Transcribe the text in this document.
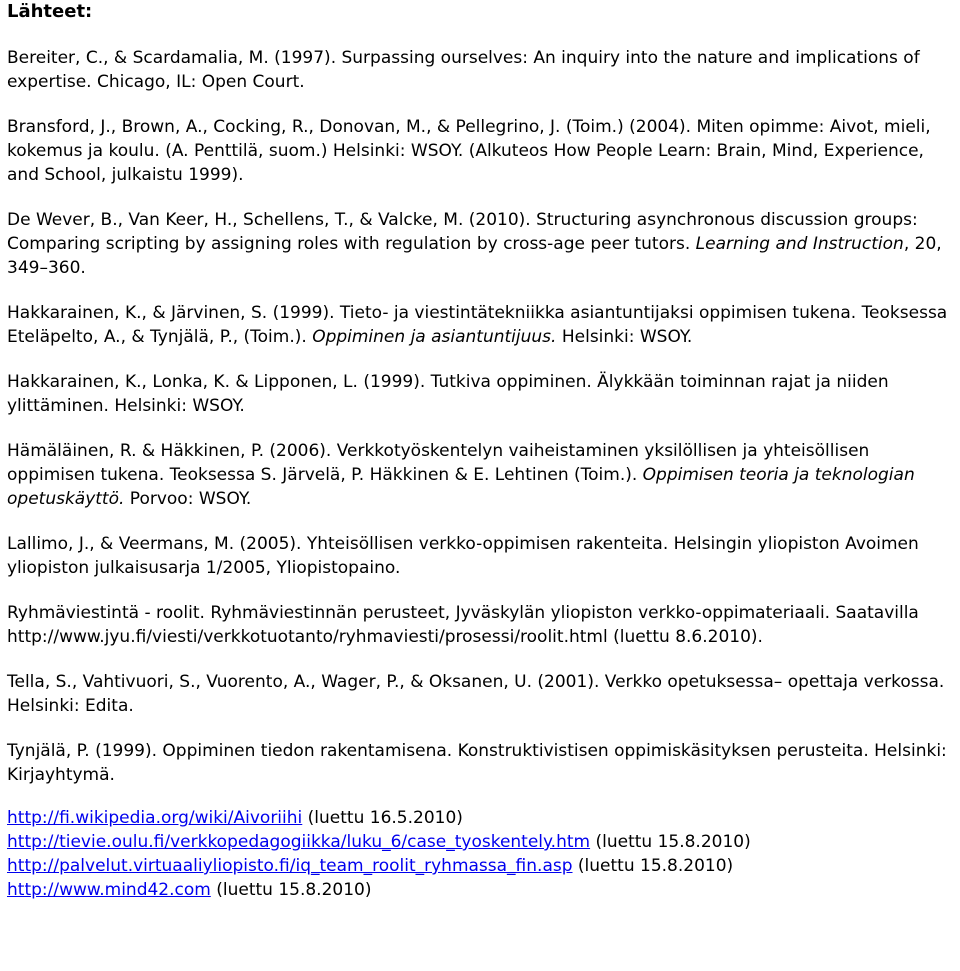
Lähteet:

Bereiter, C., & Scardamalia, M. (1997). Surpassing ourselves: An inquiry into the nature and implications of expertise. Chicago, IL: Open Court.

Bransford, J., Brown, A., Cocking, R., Donovan, M., & Pellegrino, J. (Toim.) (2004). Miten opimme: Aivot, mieli, kokemus ja koulu. (A. Penttilä, suom.) Helsinki: WSOY. (Alkuteos How People Learn: Brain, Mind, Experience, and School, julkaistu 1999).

De Wever, B., Van Keer, H., Schellens, T., & Valcke, M. (2010). Structuring asynchronous discussion groups: Comparing scripting by assigning roles with regulation by cross-age peer tutors. Learning and Instruction, 20, 349–360.

Hakkarainen, K., & Järvinen, S. (1999). Tieto- ja viestintätekniikka asiantuntijaksi oppimisen tukena. Teoksessa Eteläpelto, A., & Tynjälä, P., (Toim.). Oppiminen ja asiantuntijuus. Helsinki: WSOY.

Hakkarainen, K., Lonka, K. & Lipponen, L. (1999). Tutkiva oppiminen. Älykkään toiminnan rajat ja niiden ylittäminen. Helsinki: WSOY.

Hämäläinen, R. & Häkkinen, P. (2006). Verkkotyöskentelyn vaiheistaminen yksilöllisen ja yhteisöllisen oppimisen tukena. Teoksessa S. Järvelä, P. Häkkinen & E. Lehtinen (Toim.). Oppimisen teoria ja teknologian opetuskäyttö. Porvoo: WSOY.

Lallimo, J., & Veermans, M. (2005). Yhteisöllisen verkko-oppimisen rakenteita. Helsingin yliopiston Avoimen yliopiston julkaisusarja 1/2005, Yliopistopaino.

Ryhmäviestintä - roolit. Ryhmäviestinnän perusteet, Jyväskylän yliopiston verkko-oppimateriaali. Saatavilla http://www.jyu.fi/viesti/verkkotuotanto/ryhmaviesti/prosessi/roolit.html (luettu 8.6.2010).

Tella, S., Vahtivuori, S., Vuorento, A., Wager, P., & Oksanen, U. (2001). Verkko opetuksessa– opettaja verkossa. Helsinki: Edita.

Tynjälä, P. (1999). Oppiminen tiedon rakentamisena. Konstruktivistisen oppimiskäsityksen perusteita. Helsinki: Kirjayhtymä.

http://fi.wikipedia.org/wiki/Aivoriihi (luettu 16.5.2010)
http://tievie.oulu.fi/verkkopedagogiikka/luku_6/case_tyoskentely.htm (luettu 15.8.2010)
http://palvelut.virtuaaliyliopisto.fi/iq_team_roolit_ryhmassa_fin.asp (luettu 15.8.2010)
http://www.mind42.com (luettu 15.8.2010)
